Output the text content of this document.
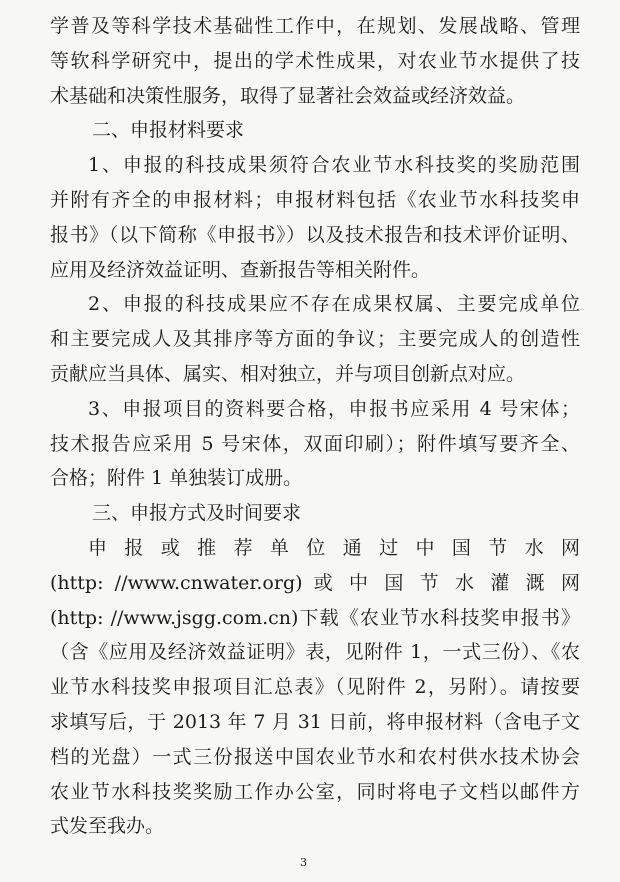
学普及等科学技术基础性工作中，在规划、发展战略、管理
等软科学研究中，提出的学术性成果，对农业节水提供了技
术基础和决策性服务，取得了显著社会效益或经济效益。
二、申报材料要求
1、申报的科技成果须符合农业节水科技奖的奖励范围
并附有齐全的申报材料；申报材料包括《农业节水科技奖申
报书》（以下简称《申报书》）以及技术报告和技术评价证明、
应用及经济效益证明、查新报告等相关附件。
2、申报的科技成果应不存在成果权属、主要完成单位
和主要完成人及其排序等方面的争议；主要完成人的创造性
贡献应当具体、属实、相对独立，并与项目创新点对应。
3、申报项目的资料要合格，申报书应采用 4 号宋体；
技术报告应采用 5 号宋体，双面印刷）；附件填写要齐全、
合格；附件 1 单独装订成册。
三、申报方式及时间要求
申 报 或 推 荐 单 位 通 过 中 国 节 水 网
(http: //www.cnwater.org) 或 中 国 节 水 灌 溉 网
(http: //www.jsgg.com.cn)下载《农业节水科技奖申报书》
（含《应用及经济效益证明》表，见附件 1，一式三份）、《农
业节水科技奖申报项目汇总表》（见附件 2，另附）。请按要
求填写后，于 2013 年 7 月 31 日前，将申报材料（含电子文
档的光盘）一式三份报送中国农业节水和农村供水技术协会
农业节水科技奖奖励工作办公室，同时将电子文档以邮件方
式发至我办。
3
